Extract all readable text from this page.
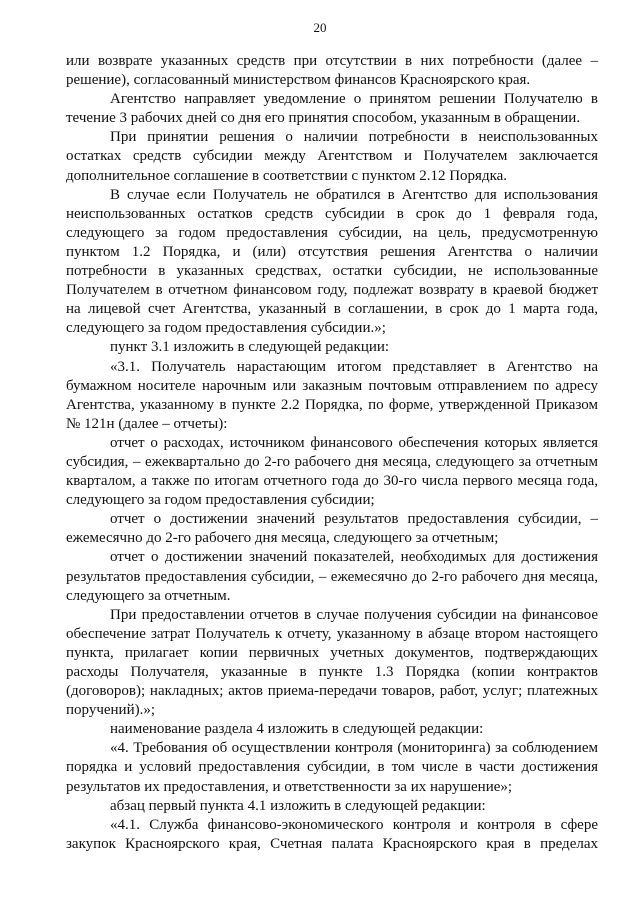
20

или возврате указанных средств при отсутствии в них потребности (далее – решение), согласованный министерством финансов Красноярского края.

Агентство направляет уведомление о принятом решении Получателю в течение 3 рабочих дней со дня его принятия способом, указанным в обращении.

При принятии решения о наличии потребности в неиспользованных остатках средств субсидии между Агентством и Получателем заключается дополнительное соглашение в соответствии с пунктом 2.12 Порядка.

В случае если Получатель не обратился в Агентство для использования неиспользованных остатков средств субсидии в срок до 1 февраля года, следующего за годом предоставления субсидии, на цель, предусмотренную пунктом 1.2 Порядка, и (или) отсутствия решения Агентства о наличии потребности в указанных средствах, остатки субсидии, не использованные Получателем в отчетном финансовом году, подлежат возврату в краевой бюджет на лицевой счет Агентства, указанный в соглашении, в срок до 1 марта года, следующего за годом предоставления субсидии.»;

пункт 3.1 изложить в следующей редакции:

«3.1. Получатель нарастающим итогом представляет в Агентство на бумажном носителе нарочным или заказным почтовым отправлением по адресу Агентства, указанному в пункте 2.2 Порядка, по форме, утвержденной Приказом № 121н (далее – отчеты):

отчет о расходах, источником финансового обеспечения которых является субсидия, – ежеквартально до 2-го рабочего дня месяца, следующего за отчетным кварталом, а также по итогам отчетного года до 30-го числа первого месяца года, следующего за годом предоставления субсидии;

отчет о достижении значений результатов предоставления субсидии, – ежемесячно до 2-го рабочего дня месяца, следующего за отчетным;

отчет о достижении значений показателей, необходимых для достижения результатов предоставления субсидии, – ежемесячно до 2-го рабочего дня месяца, следующего за отчетным.

При предоставлении отчетов в случае получения субсидии на финансовое обеспечение затрат Получатель к отчету, указанному в абзаце втором настоящего пункта, прилагает копии первичных учетных документов, подтверждающих расходы Получателя, указанные в пункте 1.3 Порядка (копии контрактов (договоров); накладных; актов приема-передачи товаров, работ, услуг; платежных поручений).»;

наименование раздела 4 изложить в следующей редакции:

«4. Требования об осуществлении контроля (мониторинга) за соблюдением порядка и условий предоставления субсидии, в том числе в части достижения результатов их предоставления, и ответственности за их нарушение»;

абзац первый пункта 4.1 изложить в следующей редакции:

«4.1. Служба финансово-экономического контроля и контроля в сфере закупок Красноярского края, Счетная палата Красноярского края в пределах
